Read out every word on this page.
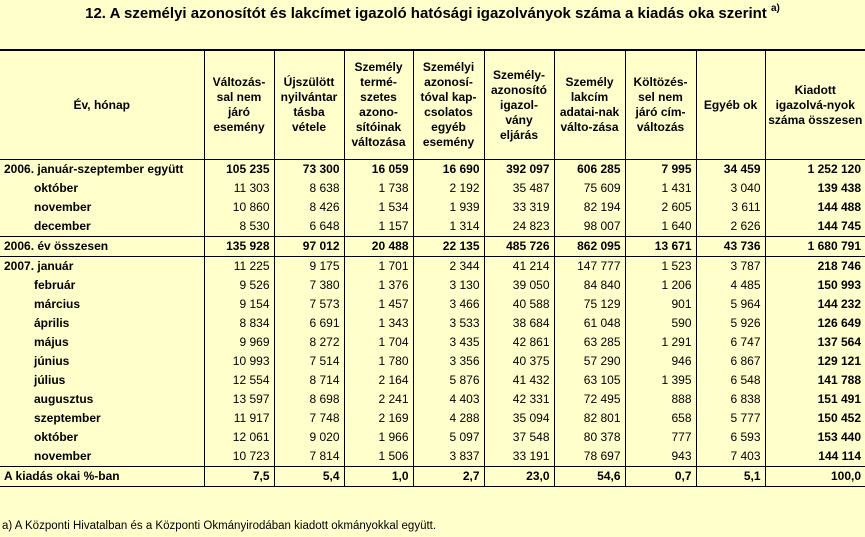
12. A személyi azonosítót és lakcímet igazoló hatósági igazolványok száma a kiadás oka szerint $^{a)}$
Év, hónap	Változás-sal nem járó esemény	Újszülött nyilvántar tásba vétele	Személy termé-szetes azono-sítóinak változása	Személyi azonosí-tóval kap-csolatos egyéb esemény	Személy-azonosító igazol-vány eljárás	Személy lakcím adatai-nak válto-zása	Költözés-sel nem járó cím-változás	Egyéb ok	Kiadott igazolvá-nyok száma összesen
2006. január-szeptember együtt	105 235	73 300	16 059	16 690	392 097	606 285	7 995	34 459	1 252 120
október	11 303	8 638	1 738	2 192	35 487	75 609	1 431	3 040	139 438
november	10 860	8 426	1 534	1 939	33 319	82 194	2 605	3 611	144 488
december	8 530	6 648	1 157	1 314	24 823	98 007	1 640	2 626	144 745
2006. év összesen	135 928	97 012	20 488	22 135	485 726	862 095	13 671	43 736	1 680 791
2007. január	11 225	9 175	1 701	2 344	41 214	147 777	1 523	3 787	218 746
február	9 526	7 380	1 376	3 130	39 050	84 840	1 206	4 485	150 993
március	9 154	7 573	1 457	3 466	40 588	75 129	901	5 964	144 232
április	8 834	6 691	1 343	3 533	38 684	61 048	590	5 926	126 649
május	9 969	8 272	1 704	3 435	42 861	63 285	1 291	6 747	137 564
június	10 993	7 514	1 780	3 356	40 375	57 290	946	6 867	129 121
július	12 554	8 714	2 164	5 876	41 432	63 105	1 395	6 548	141 788
augusztus	13 597	8 698	2 241	4 403	42 331	72 495	888	6 838	151 491
szeptember	11 917	7 748	2 169	4 288	35 094	82 801	658	5 777	150 452
október	12 061	9 020	1 966	5 097	37 548	80 378	777	6 593	153 440
november	10 723	7 814	1 506	3 837	33 191	78 697	943	7 403	144 114
A kiadás okai %-ban	7,5	5,4	1,0	2,7	23,0	54,6	0,7	5,1	100,0
a) A Központi Hivatalban és a Központi Okmányirodában kiadott okmányokkal együtt.
